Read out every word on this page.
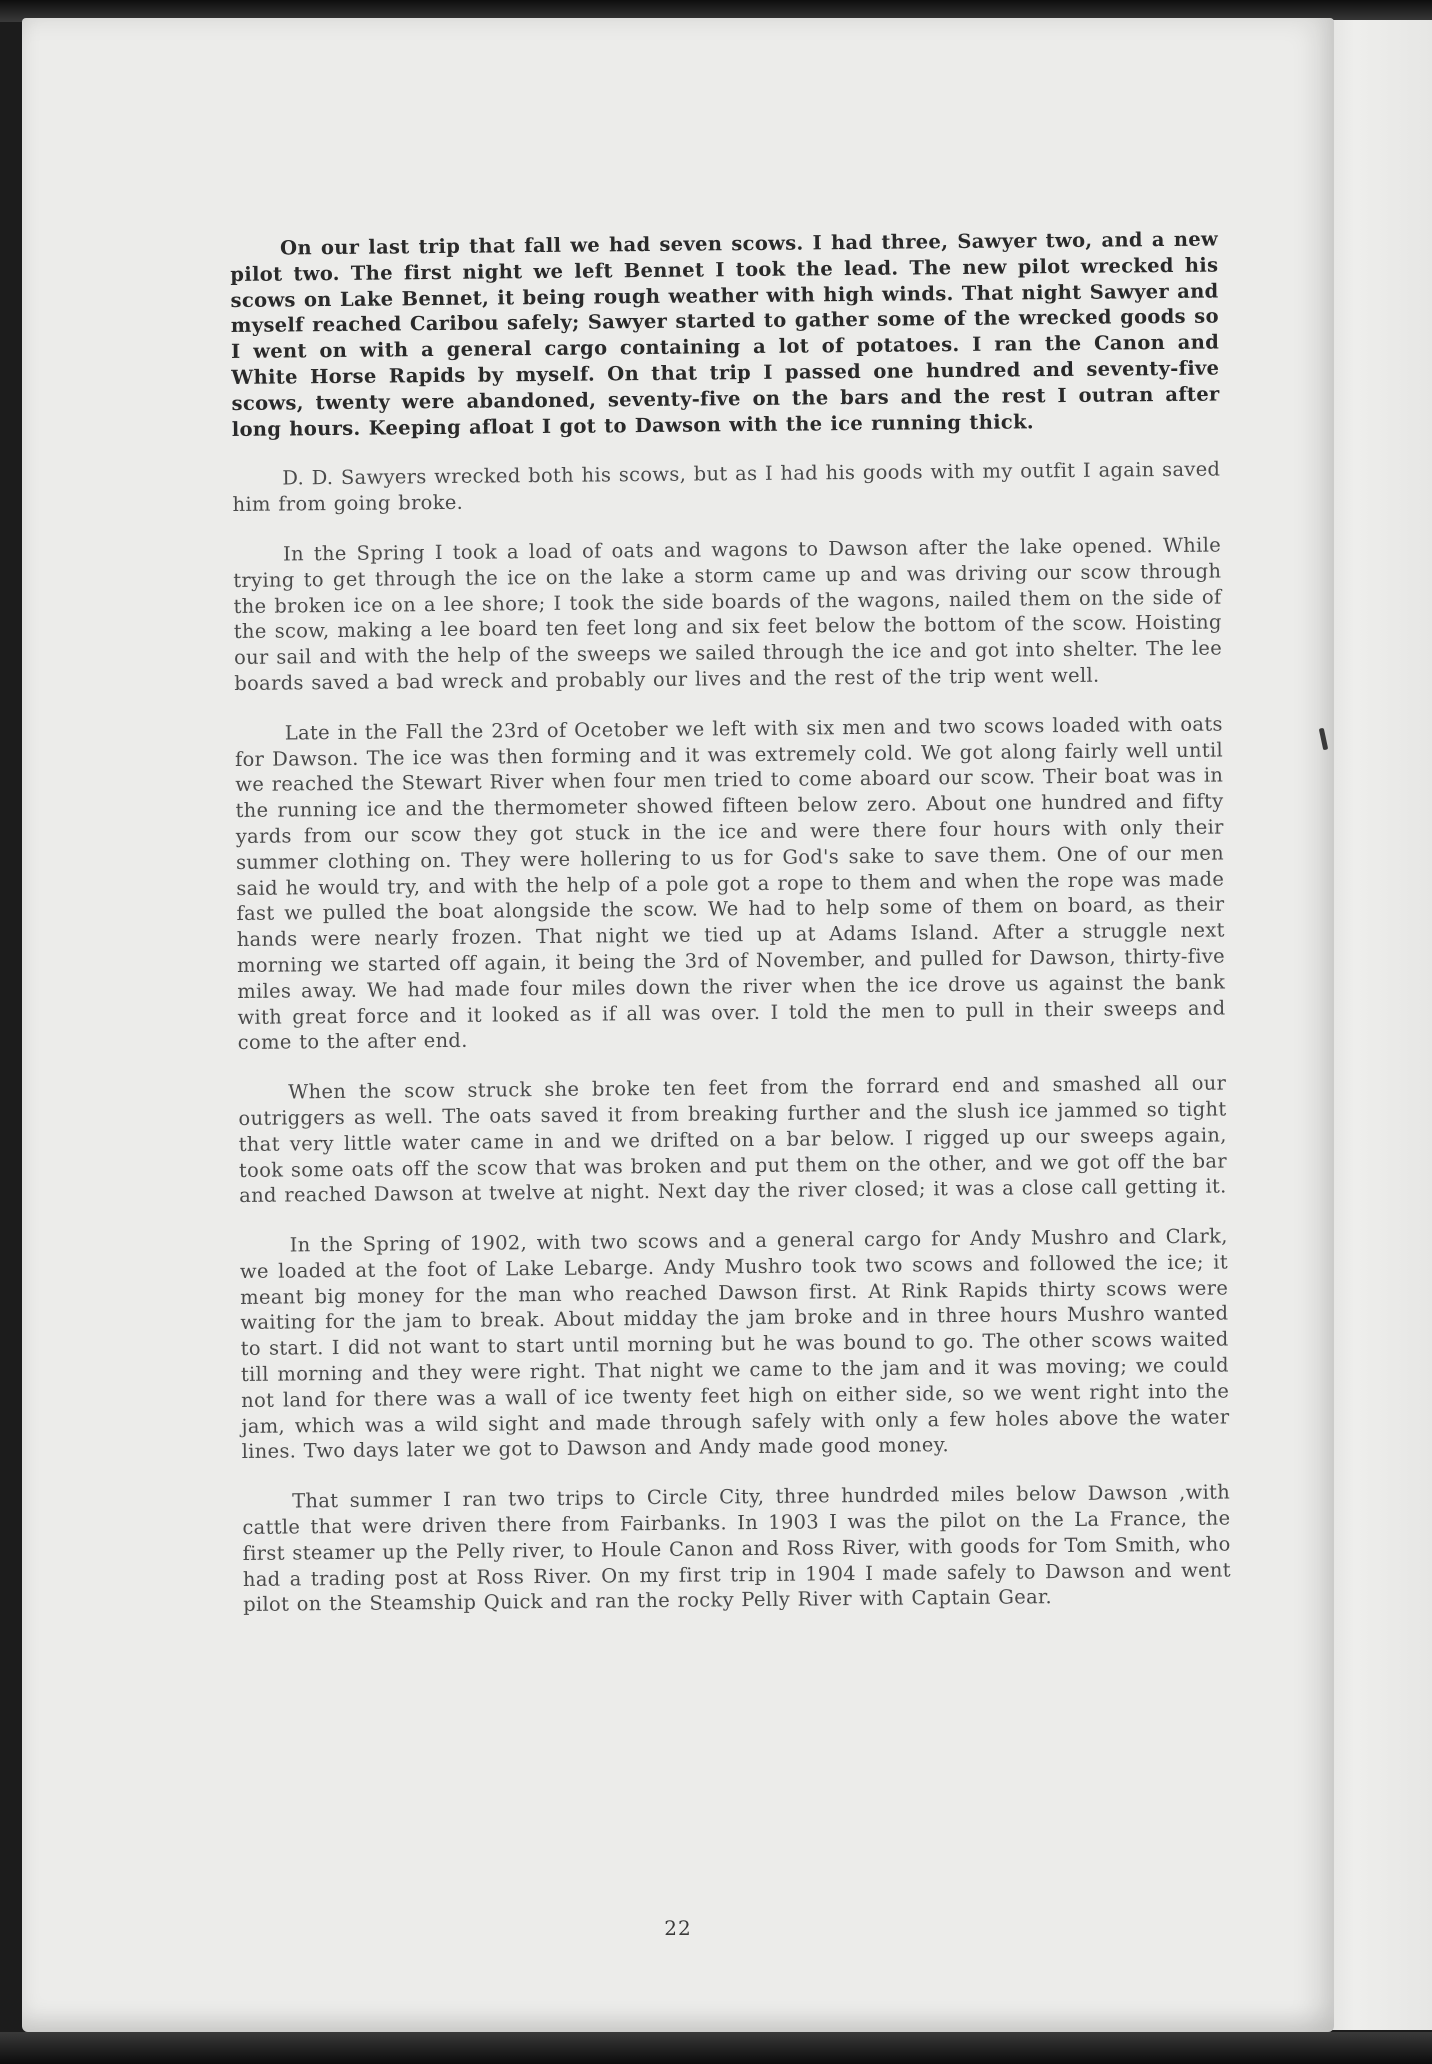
On our last trip that fall we had seven scows. I had three, Sawyer two, and a new pilot two. The first night we left Bennet I took the lead. The new pilot wrecked his scows on Lake Bennet, it being rough weather with high winds. That night Sawyer and myself reached Caribou safely; Sawyer started to gather some of the wrecked goods so I went on with a general cargo containing a lot of potatoes. I ran the Canon and White Horse Rapids by myself. On that trip I passed one hundred and seventy-five scows, twenty were abandoned, seventy-five on the bars and the rest I outran after long hours. Keeping afloat I got to Dawson with the ice running thick.

D. D. Sawyers wrecked both his scows, but as I had his goods with my outfit I again saved him from going broke.

In the Spring I took a load of oats and wagons to Dawson after the lake opened. While trying to get through the ice on the lake a storm came up and was driving our scow through the broken ice on a lee shore; I took the side boards of the wagons, nailed them on the side of the scow, making a lee board ten feet long and six feet below the bottom of the scow. Hoisting our sail and with the help of the sweeps we sailed through the ice and got into shelter. The lee boards saved a bad wreck and probably our lives and the rest of the trip went well.

Late in the Fall the 23rd of Ocetober we left with six men and two scows loaded with oats for Dawson. The ice was then forming and it was extremely cold. We got along fairly well until we reached the Stewart River when four men tried to come aboard our scow. Their boat was in the running ice and the thermometer showed fifteen below zero. About one hundred and fifty yards from our scow they got stuck in the ice and were there four hours with only their summer clothing on. They were hollering to us for God's sake to save them. One of our men said he would try, and with the help of a pole got a rope to them and when the rope was made fast we pulled the boat alongside the scow. We had to help some of them on board, as their hands were nearly frozen. That night we tied up at Adams Island. After a struggle next morning we started off again, it being the 3rd of November, and pulled for Dawson, thirty-five miles away. We had made four miles down the river when the ice drove us against the bank with great force and it looked as if all was over. I told the men to pull in their sweeps and come to the after end.

When the scow struck she broke ten feet from the forrard end and smashed all our outriggers as well. The oats saved it from breaking further and the slush ice jammed so tight that very little water came in and we drifted on a bar below. I rigged up our sweeps again, took some oats off the scow that was broken and put them on the other, and we got off the bar and reached Dawson at twelve at night. Next day the river closed; it was a close call getting it.

In the Spring of 1902, with two scows and a general cargo for Andy Mushro and Clark, we loaded at the foot of Lake Lebarge. Andy Mushro took two scows and followed the ice; it meant big money for the man who reached Dawson first. At Rink Rapids thirty scows were waiting for the jam to break. About midday the jam broke and in three hours Mushro wanted to start. I did not want to start until morning but he was bound to go. The other scows waited till morning and they were right. That night we came to the jam and it was moving; we could not land for there was a wall of ice twenty feet high on either side, so we went right into the jam, which was a wild sight and made through safely with only a few holes above the water lines. Two days later we got to Dawson and Andy made good money.

That summer I ran two trips to Circle City, three hundrded miles below Dawson ,with cattle that were driven there from Fairbanks. In 1903 I was the pilot on the La France, the first steamer up the Pelly river, to Houle Canon and Ross River, with goods for Tom Smith, who had a trading post at Ross River. On my first trip in 1904 I made safely to Dawson and went pilot on the Steamship Quick and ran the rocky Pelly River with Captain Gear.

22
